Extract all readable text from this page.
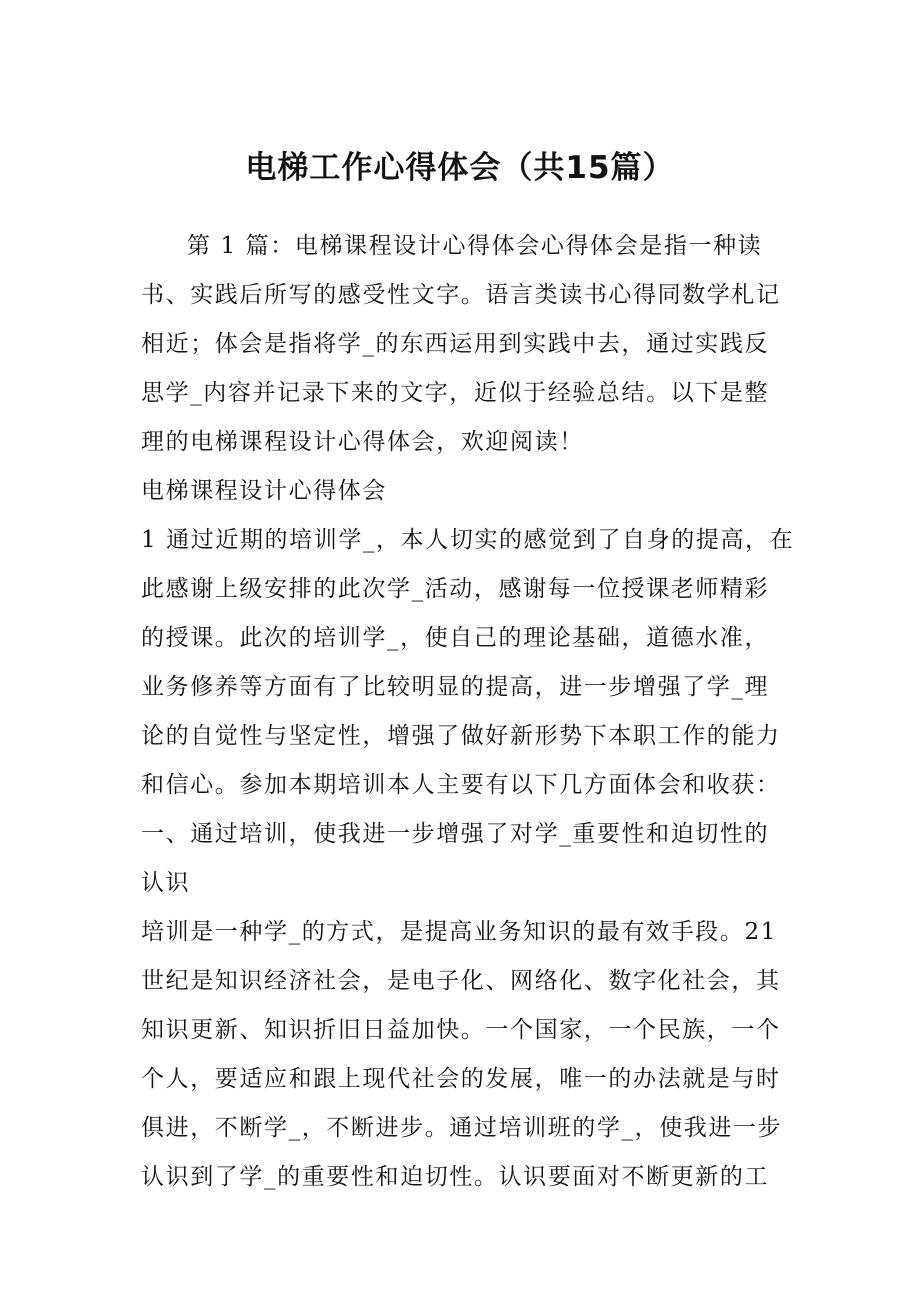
电梯工作心得体会（共15篇）
第 1 篇：电梯课程设计心得体会心得体会是指一种读
书、实践后所写的感受性文字。语言类读书心得同数学札记
相近；体会是指将学_的东西运用到实践中去，通过实践反
思学_内容并记录下来的文字，近似于经验总结。以下是整
理的电梯课程设计心得体会，欢迎阅读！
电梯课程设计心得体会
1 通过近期的培训学_，本人切实的感觉到了自身的提高，在
此感谢上级安排的此次学_活动，感谢每一位授课老师精彩
的授课。此次的培训学_，使自己的理论基础，道德水准，
业务修养等方面有了比较明显的提高，进一步增强了学_理
论的自觉性与坚定性，增强了做好新形势下本职工作的能力
和信心。参加本期培训本人主要有以下几方面体会和收获：
一、通过培训，使我进一步增强了对学_重要性和迫切性的
认识
培训是一种学_的方式，是提高业务知识的最有效手段。21
世纪是知识经济社会，是电子化、网络化、数字化社会，其
知识更新、知识折旧日益加快。一个国家，一个民族，一个
个人，要适应和跟上现代社会的发展，唯一的办法就是与时
俱进，不断学_，不断进步。通过培训班的学_，使我进一步
认识到了学_的重要性和迫切性。认识要面对不断更新的工
